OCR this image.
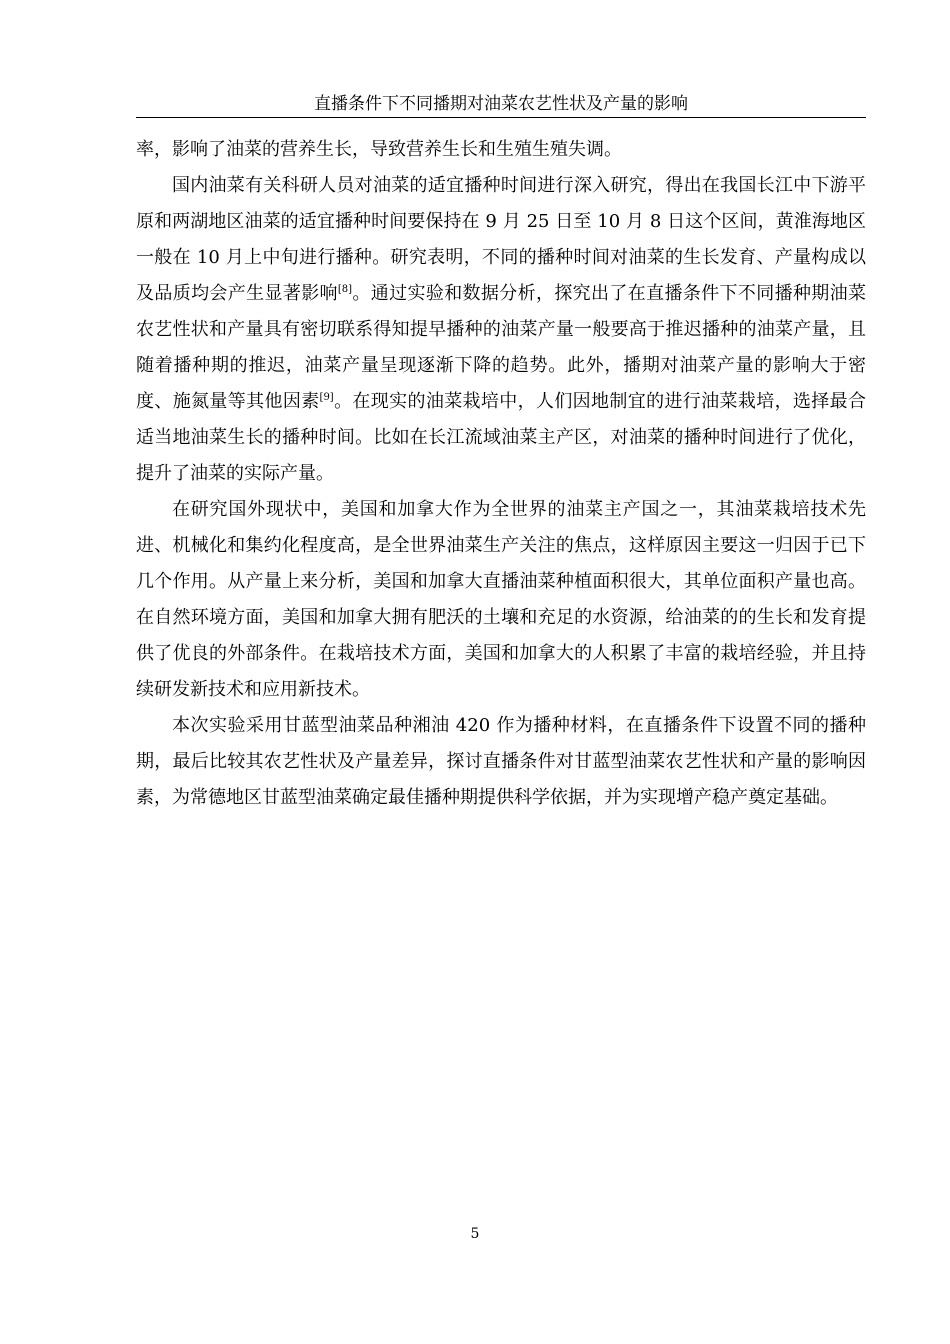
直播条件下不同播期对油菜农艺性状及产量的影响

率，影响了油菜的营养生长，导致营养生长和生殖生殖失调。

国内油菜有关科研人员对油菜的适宜播种时间进行深入研究，得出在我国长江中下游平原和两湖地区油菜的适宜播种时间要保持在 9 月 25 日至 10 月 8 日这个区间，黄淮海地区一般在 10 月上中旬进行播种。研究表明，不同的播种时间对油菜的生长发育、产量构成以及品质均会产生显著影响[8]。通过实验和数据分析，探究出了在直播条件下不同播种期油菜农艺性状和产量具有密切联系得知提早播种的油菜产量一般要高于推迟播种的油菜产量，且随着播种期的推迟，油菜产量呈现逐渐下降的趋势。此外，播期对油菜产量的影响大于密度、施氮量等其他因素[9]。在现实的油菜栽培中，人们因地制宜的进行油菜栽培，选择最合适当地油菜生长的播种时间。比如在长江流域油菜主产区，对油菜的播种时间进行了优化，提升了油菜的实际产量。

在研究国外现状中，美国和加拿大作为全世界的油菜主产国之一，其油菜栽培技术先进、机械化和集约化程度高，是全世界油菜生产关注的焦点，这样原因主要这一归因于已下几个作用。从产量上来分析，美国和加拿大直播油菜种植面积很大，其单位面积产量也高。在自然环境方面，美国和加拿大拥有肥沃的土壤和充足的水资源，给油菜的的生长和发育提供了优良的外部条件。在栽培技术方面，美国和加拿大的人积累了丰富的栽培经验，并且持续研发新技术和应用新技术。

本次实验采用甘蓝型油菜品种湘油 420 作为播种材料，在直播条件下设置不同的播种期，最后比较其农艺性状及产量差异，探讨直播条件对甘蓝型油菜农艺性状和产量的影响因素，为常德地区甘蓝型油菜确定最佳播种期提供科学依据，并为实现增产稳产奠定基础。

5
